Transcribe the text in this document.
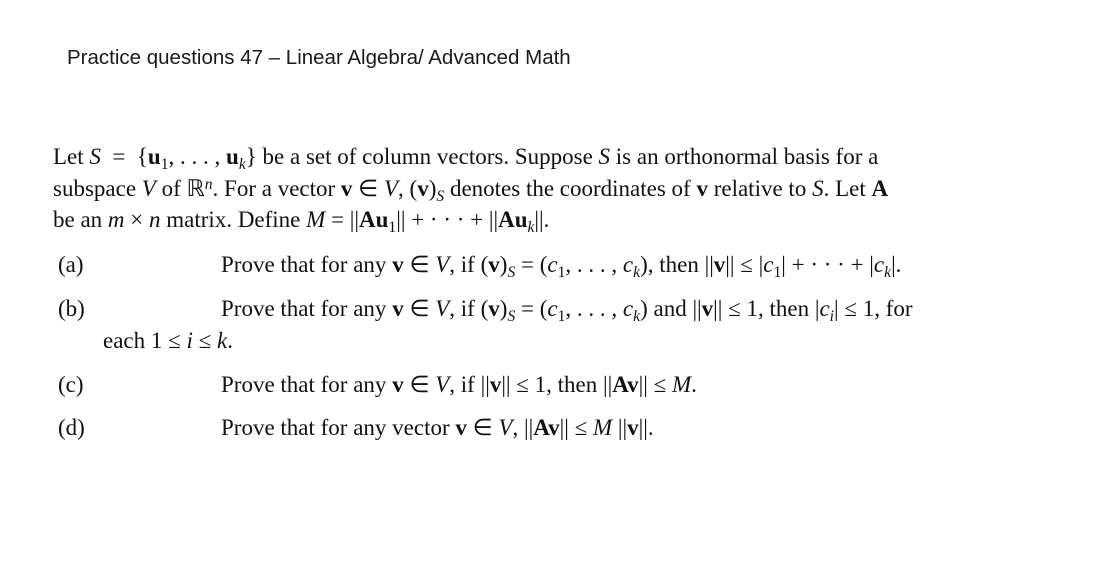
Practice questions 47 – Linear Algebra/ Advanced Math
Let $S = \{u_1$, . . . , $u_k$} be a set of column vectors. Suppose S is an orthonormal basis for a
subspace V of ℝ$^n$. For a vector v ∈ V, $(v)_S$ denotes the coordinates of v relative to S. Let A
be an m × n matrix. Define $M = ||Au_1||$ + · · · + $||Au_k||$.
(a)	Prove that for any v ∈ V, if $(v)_S = (c_1$, . . . , $c_k$), then $||v|| \le |c_1|$ + · · · + $|c_k|$.
(b)	Prove that for any v ∈ V, if $(v)_S = (c_1$, . . . , $c_k$) and ||v|| ≤ 1, then $|c_i| \le 1$, for
each 1 ≤ i ≤ k.
(c)	Prove that for any v ∈ V, if ||v|| ≤ 1, then ||Av|| ≤ M.
(d)	Prove that for any vector v ∈ V, ||Av|| ≤ M ||v||.
